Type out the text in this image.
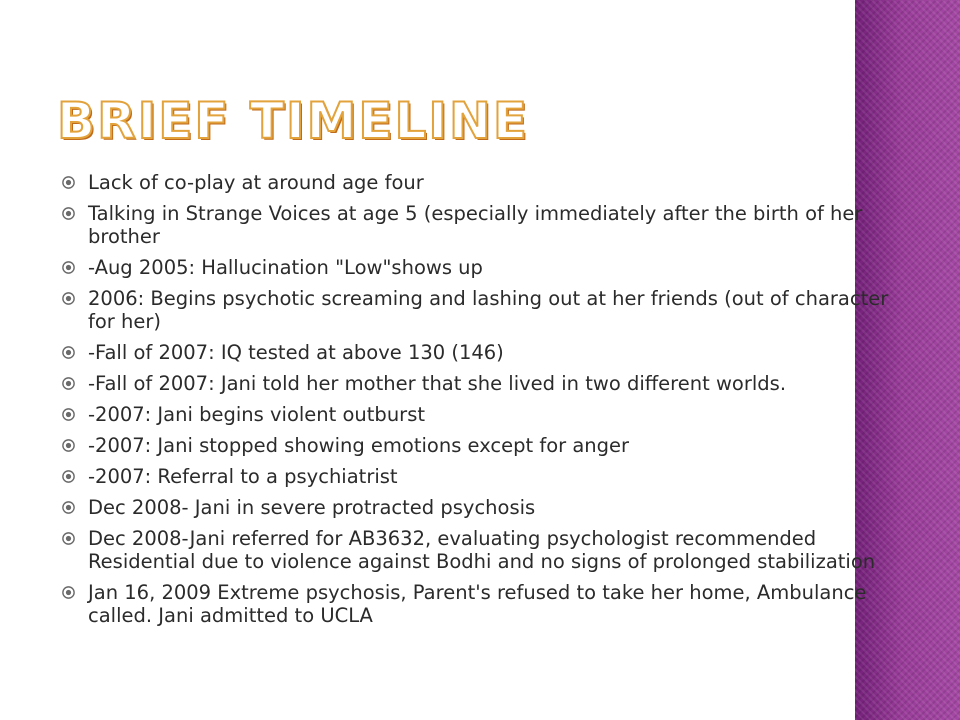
BRIEF TIMELINE
Lack of co-play at around age four
Talking in Strange Voices at age 5 (especially immediately after the birth of her brother
-Aug 2005: Hallucination "Low"shows up
2006: Begins psychotic screaming and lashing out at her friends (out of character for her)
-Fall of 2007: IQ tested at above 130 (146)
-Fall of 2007: Jani told her mother that she lived in two different worlds.
-2007: Jani begins violent outburst
-2007: Jani stopped showing emotions except for anger
-2007: Referral to a psychiatrist
Dec 2008- Jani in severe protracted psychosis
Dec 2008-Jani referred for AB3632, evaluating psychologist recommended Residential due to violence against Bodhi and no signs of prolonged stabilization
Jan 16, 2009 Extreme psychosis, Parent's refused to take her home, Ambulance called. Jani admitted to UCLA
